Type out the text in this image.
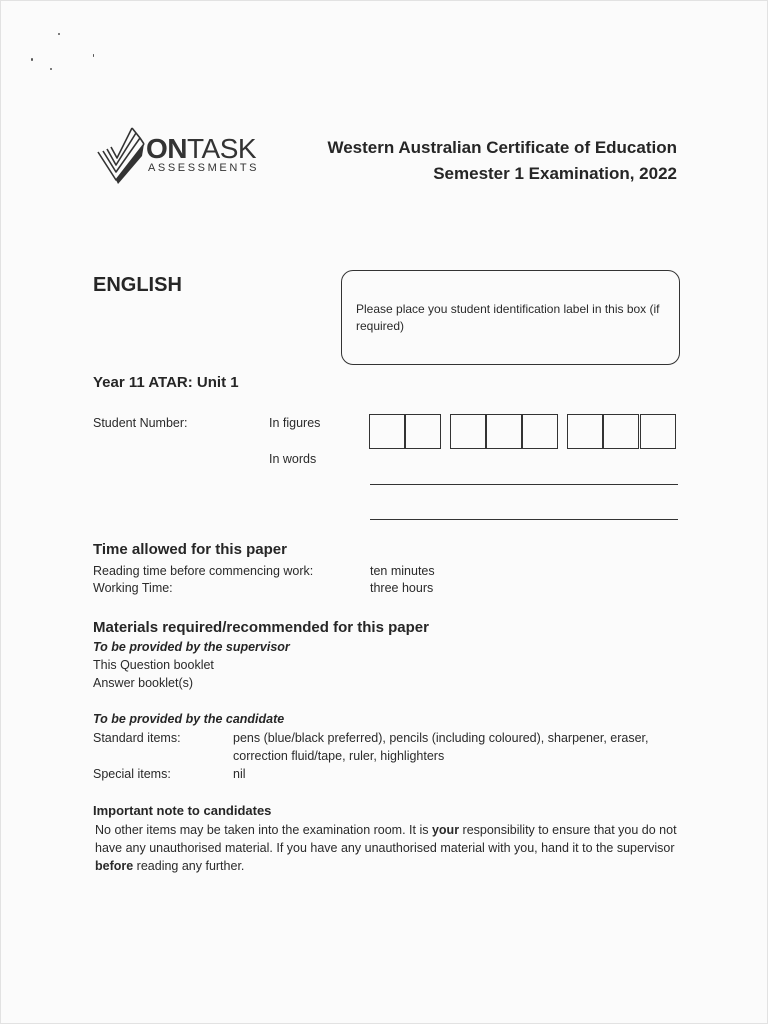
ONTASK
ASSESSMENTS
Western Australian Certificate of Education
Semester 1 Examination, 2022
ENGLISH
Please place you student identification label in this box (if required)
Year 11 ATAR: Unit 1
Student Number:	In figures
In words
Time allowed for this paper
Reading time before commencing work:	ten minutes
Working Time:	three hours
Materials required/recommended for this paper
To be provided by the supervisor
This Question booklet
Answer booklet(s)
To be provided by the candidate
Standard items:	pens (blue/black preferred), pencils (including coloured), sharpener, eraser,
correction fluid/tape, ruler, highlighters
Special items:	nil
Important note to candidates
No other items may be taken into the examination room. It is your responsibility to ensure that you do not have any unauthorised material. If you have any unauthorised material with you, hand it to the supervisor before reading any further.
